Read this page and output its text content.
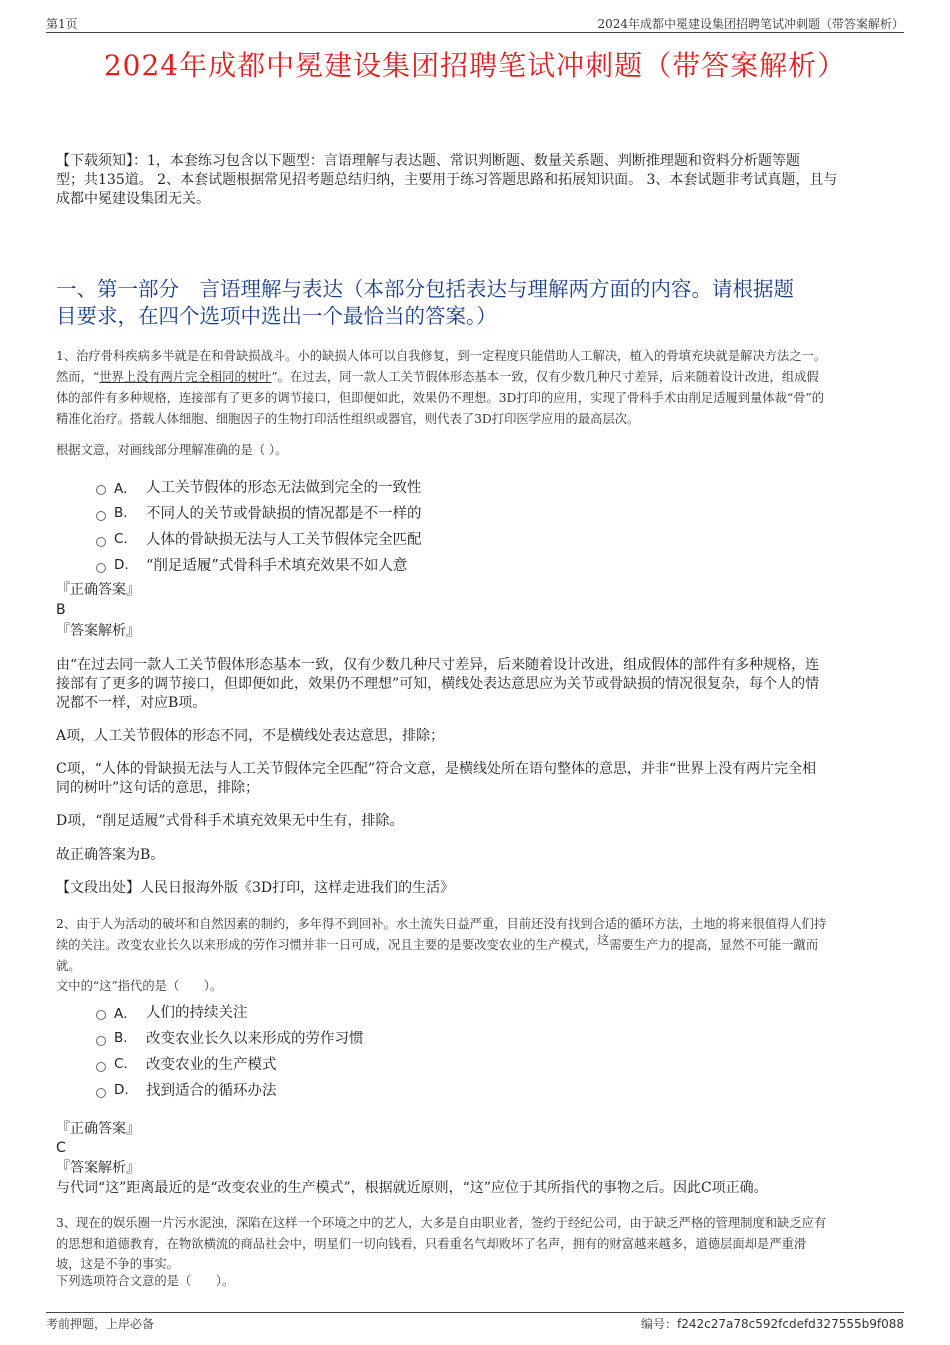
第1页	2024年成都中冕建设集团招聘笔试冲刺题（带答案解析）
2024年成都中冕建设集团招聘笔试冲刺题（带答案解析）
【下载须知】：1，本套练习包含以下题型：言语理解与表达题、常识判断题、数量关系题、判断推理题和资料分析题等题
型；共135道。 2、本套试题根据常见招考题总结归纳，主要用于练习答题思路和拓展知识面。 3、本套试题非考试真题，且与
成都中冕建设集团无关。
一、第一部分　言语理解与表达（本部分包括表达与理解两方面的内容。请根据题
目要求，在四个选项中选出一个最恰当的答案。）
1、治疗骨科疾病多半就是在和骨缺损战斗。小的缺损人体可以自我修复，到一定程度只能借助人工解决，植入的骨填充块就是解决方法之一。
然而，“世界上没有两片完全相同的树叶”。在过去，同一款人工关节假体形态基本一致，仅有少数几种尺寸差异，后来随着设计改进，组成假
体的部件有多种规格，连接部有了更多的调节接口，但即便如此，效果仍不理想。3D打印的应用，实现了骨科手术由削足适履到量体裁“骨”的
精准化治疗。搭载人体细胞、细胞因子的生物打印活性组织或器官，则代表了3D打印医学应用的最高层次。
根据文意，对画线部分理解准确的是（ ）。
A． 人工关节假体的形态无法做到完全的一致性
B.	不同人的关节或骨缺损的情况都是不一样的
C.	人体的骨缺损无法与人工关节假体完全匹配
D.	“削足适履”式骨科手术填充效果不如人意
『正确答案』
B
『答案解析』
由“在过去同一款人工关节假体形态基本一致，仅有少数几种尺寸差异，后来随着设计改进，组成假体的部件有多种规格，连
接部有了更多的调节接口，但即便如此，效果仍不理想”可知，横线处表达意思应为关节或骨缺损的情况很复杂，每个人的情
况都不一样，对应B项。
A项，人工关节假体的形态不同，不是横线处表达意思，排除；
C项，“人体的骨缺损无法与人工关节假体完全匹配”符合文意，是横线处所在语句整体的意思，并非“世界上没有两片完全相
同的树叶”这句话的意思，排除；
D项，“削足适履”式骨科手术填充效果无中生有，排除。
故正确答案为B。
【文段出处】人民日报海外版《3D打印，这样走进我们的生活》
2、由于人为活动的破坏和自然因素的制约，多年得不到回补。水土流失日益严重，目前还没有找到合适的循环方法，土地的将来很值得人们持
续的关注。改变农业长久以来形成的劳作习惯并非一日可成，况且主要的是要改变农业的生产模式，这需要生产力的提高，显然不可能一蹴而
就。
文中的“这”指代的是（　　）。
A． 人们的持续关注
B.	改变农业长久以来形成的劳作习惯
C.	改变农业的生产模式
D.	找到适合的循环办法
『正确答案』
C
『答案解析』
与代词“这”距离最近的是“改变农业的生产模式”，根据就近原则，“这”应位于其所指代的事物之后。因此C项正确。
3、现在的娱乐圈一片污水泥浊，深陷在这样一个环境之中的艺人，大多是自由职业者，签约于经纪公司，由于缺乏严格的管理制度和缺乏应有
的思想和道德教育，在物欲横流的商品社会中，明星们一切向钱看，只看重名气却败坏了名声，拥有的财富越来越多，道德层面却是严重滑
坡，这是不争的事实。
下列选项符合文意的是（　　）。
考前押题，上岸必备	编号：f242c27a78c592fcdefd327555b9f088
